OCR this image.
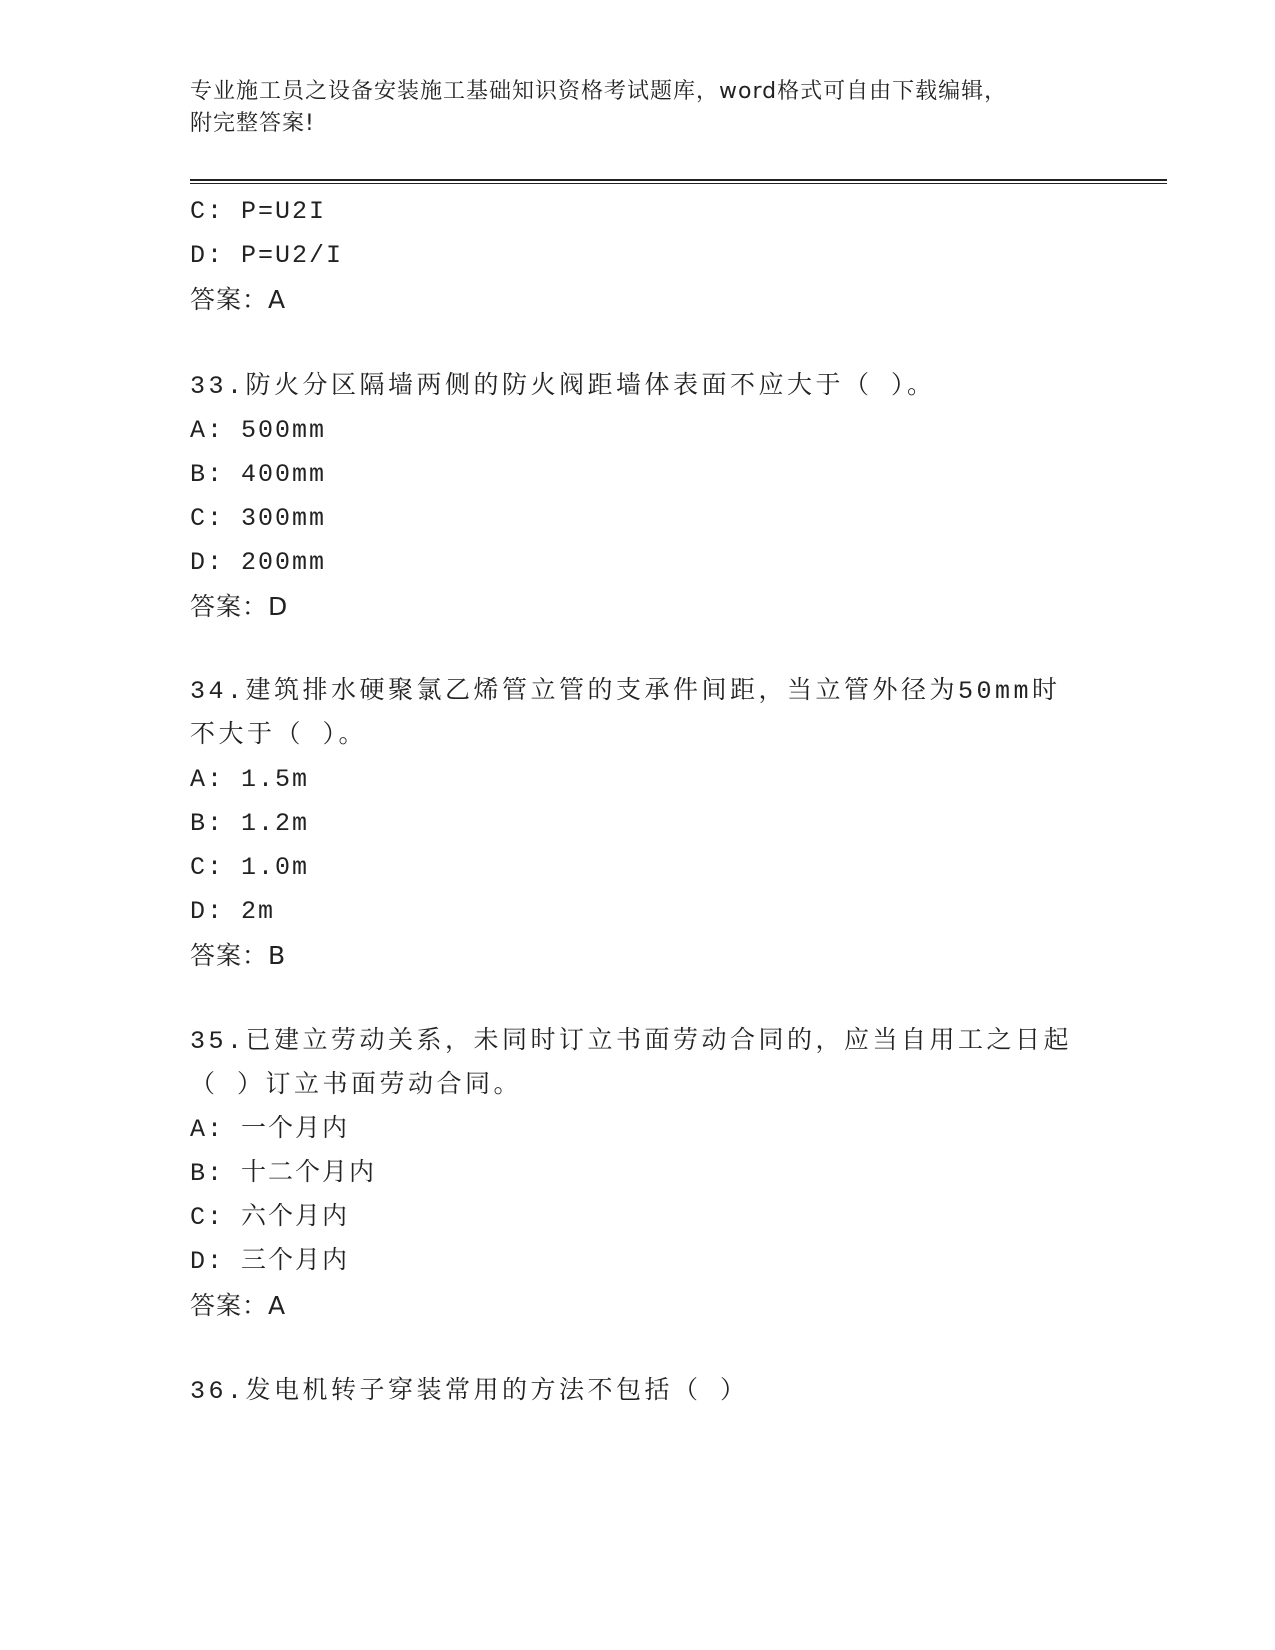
专业施工员之设备安装施工基础知识资格考试题库，word格式可自由下载编辑，
附完整答案!
C: P=U2I
D: P=U2/I
答案：A
33.防火分区隔墙两侧的防火阀距墙体表面不应大于（ ）。
A: 500mm
B: 400mm
C: 300mm
D: 200mm
答案：D
34.建筑排水硬聚氯乙烯管立管的支承件间距，当立管外径为50mm时
不大于（ ）。
A: 1.5m
B: 1.2m
C: 1.0m
D: 2m
答案：B
35.已建立劳动关系，未同时订立书面劳动合同的，应当自用工之日起
（ ）订立书面劳动合同。
A: 一个月内
B: 十二个月内
C: 六个月内
D: 三个月内
答案：A
36.发电机转子穿装常用的方法不包括（ ）
